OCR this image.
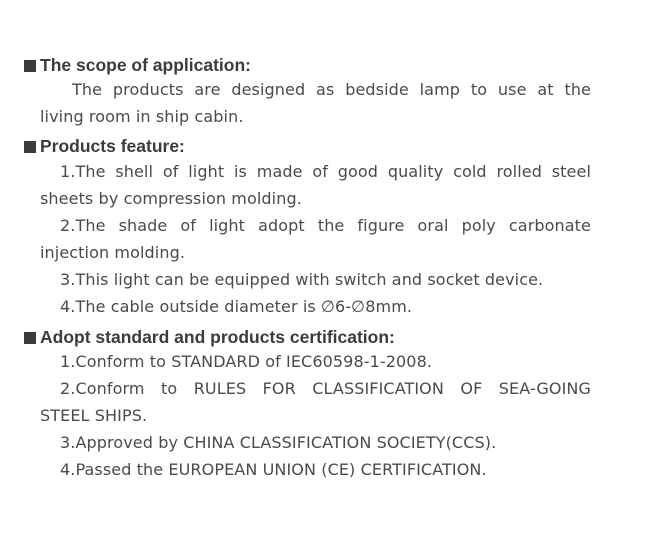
The scope of application:
The products are designed as bedside lamp to use at the
living room in ship cabin.
Products feature:
1.The shell of light is made of good quality cold rolled steel
sheets by compression molding.
2.The shade of light adopt the figure oral poly carbonate
injection molding.
3.This light can be equipped with switch and socket device.
4.The cable outside diameter is ∅6-∅8mm.
Adopt standard and products certification:
1.Conform to STANDARD of IEC60598-1-2008.
2.Conform to RULES FOR CLASSIFICATION OF SEA-GOING
STEEL SHIPS.
3.Approved by CHINA CLASSIFICATION SOCIETY(CCS).
4.Passed the EUROPEAN UNION (CE) CERTIFICATION.
